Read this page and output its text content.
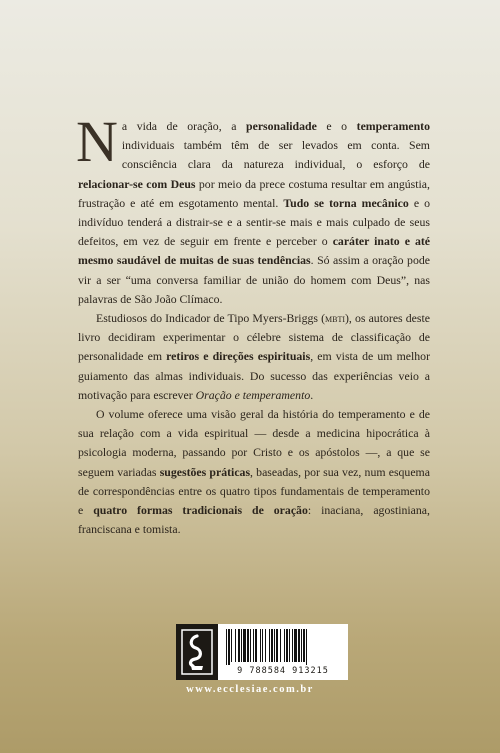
Na vida de oração, a personalidade e o temperamento individuais também têm de ser levados em conta. Sem consciência clara da natureza individual, o esforço de relacionar-se com Deus por meio da prece costuma resultar em angústia, frustração e até em esgotamento mental. Tudo se torna mecânico e o indivíduo tenderá a distrair-se e a sentir-se mais e mais culpado de seus defeitos, em vez de seguir em frente e perceber o caráter inato e até mesmo saudável de muitas de suas tendências. Só assim a oração pode vir a ser “uma conversa familiar de união do homem com Deus”, nas palavras de São João Clímaco.

Estudiosos do Indicador de Tipo Myers-Briggs (mbti), os autores deste livro decidiram experimentar o célebre sistema de classificação de personalidade em retiros e direções espirituais, em vista de um melhor guiamento das almas individuais. Do sucesso das experiências veio a motivação para escrever Oração e temperamento.

O volume oferece uma visão geral da história do temperamento e de sua relação com a vida espiritual — desde a medicina hipocrática à psicologia moderna, passando por Cristo e os apóstolos —, a que se seguem variadas sugestões práticas, baseadas, por sua vez, num esquema de correspondências entre os quatro tipos fundamentais de temperamento e quatro formas tradicionais de oração: inaciana, agostiniana, franciscana e tomista.

9 788584 913215
www.ecclesiae.com.br
